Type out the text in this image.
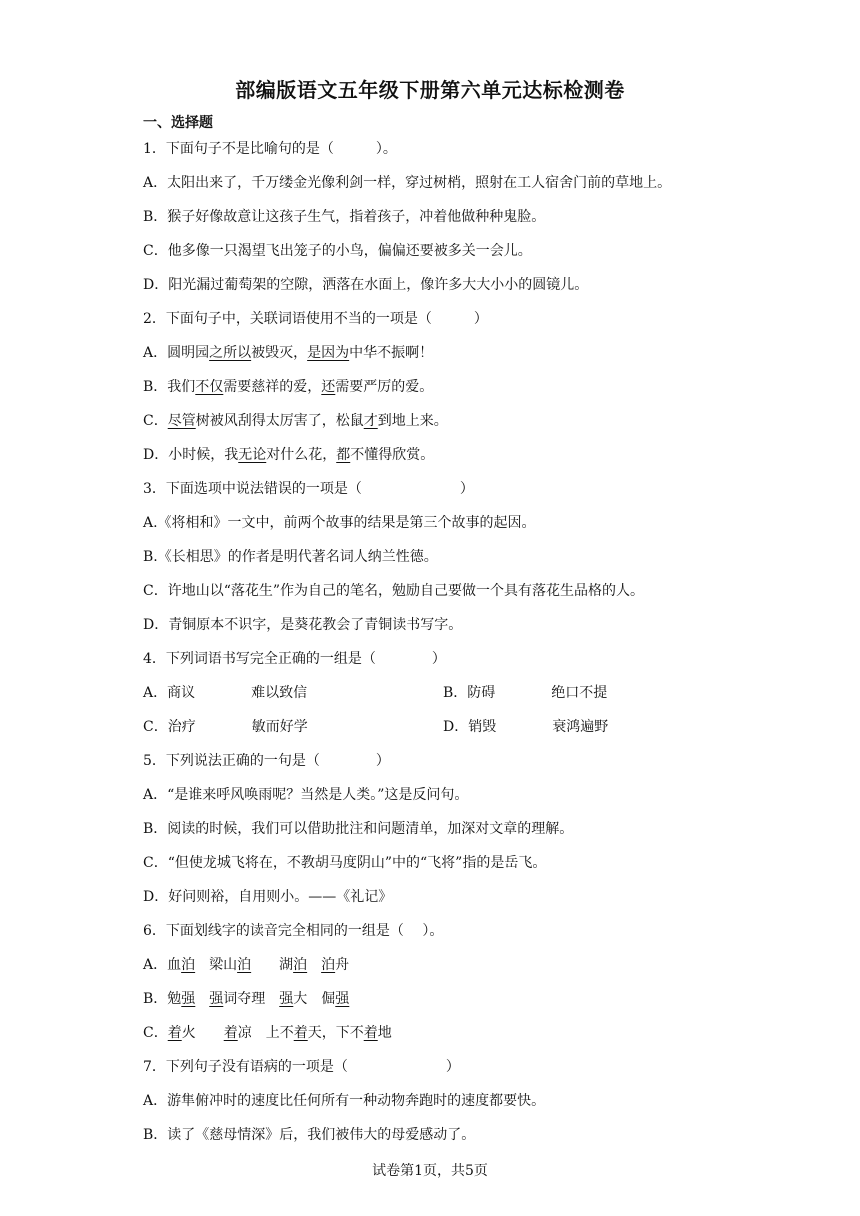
部编版语文五年级下册第六单元达标检测卷
一、选择题
1．下面句子不是比喻句的是（　　　）。
A．太阳出来了，千万缕金光像利剑一样，穿过树梢，照射在工人宿舍门前的草地上。
B．猴子好像故意让这孩子生气，指着孩子，冲着他做种种鬼脸。
C．他多像一只渴望飞出笼子的小鸟，偏偏还要被多关一会儿。
D．阳光漏过葡萄架的空隙，洒落在水面上，像许多大大小小的圆镜儿。
2．下面句子中，关联词语使用不当的一项是（　　　）
A．圆明园之所以被毁灭，是因为中华不振啊！
B．我们不仅需要慈祥的爱，还需要严厉的爱。
C．尽管树被风刮得太厉害了，松鼠才到地上来。
D．小时候，我无论对什么花，都不懂得欣赏。
3．下面选项中说法错误的一项是（　　　　　　　）
A.《将相和》一文中，前两个故事的结果是第三个故事的起因。
B.《长相思》的作者是明代著名词人纳兰性德。
C．许地山以“落花生”作为自己的笔名，勉励自己要做一个具有落花生品格的人。
D．青铜原本不识字，是葵花教会了青铜读书写字。
4．下列词语书写完全正确的一组是（　　　　）
A．商议　　　　难以致信	B．防碍　　　　绝口不提
C．治疗　　　　敏而好学	D．销毁　　　　衰鸿遍野
5．下列说法正确的一句是（　　　　）
A．“是谁来呼风唤雨呢？当然是人类。”这是反问句。
B．阅读的时候，我们可以借助批注和问题清单，加深对文章的理解。
C．“但使龙城飞将在，不教胡马度阴山”中的“飞将”指的是岳飞。
D．好问则裕，自用则小。——《礼记》
6．下面划线字的读音完全相同的一组是（　 ）。
A．血泊　梁山泊　　湖泊　 泊舟
B．勉强　 强词夺理　强大　倔强
C．着火　　着凉　上不着天，下不着地
7．下列句子没有语病的一项是（　　　　　　　）
A．游隼俯冲时的速度比任何所有一种动物奔跑时的速度都要快。
B．读了《慈母情深》后，我们被伟大的母爱感动了。
试卷第1页，共5页
